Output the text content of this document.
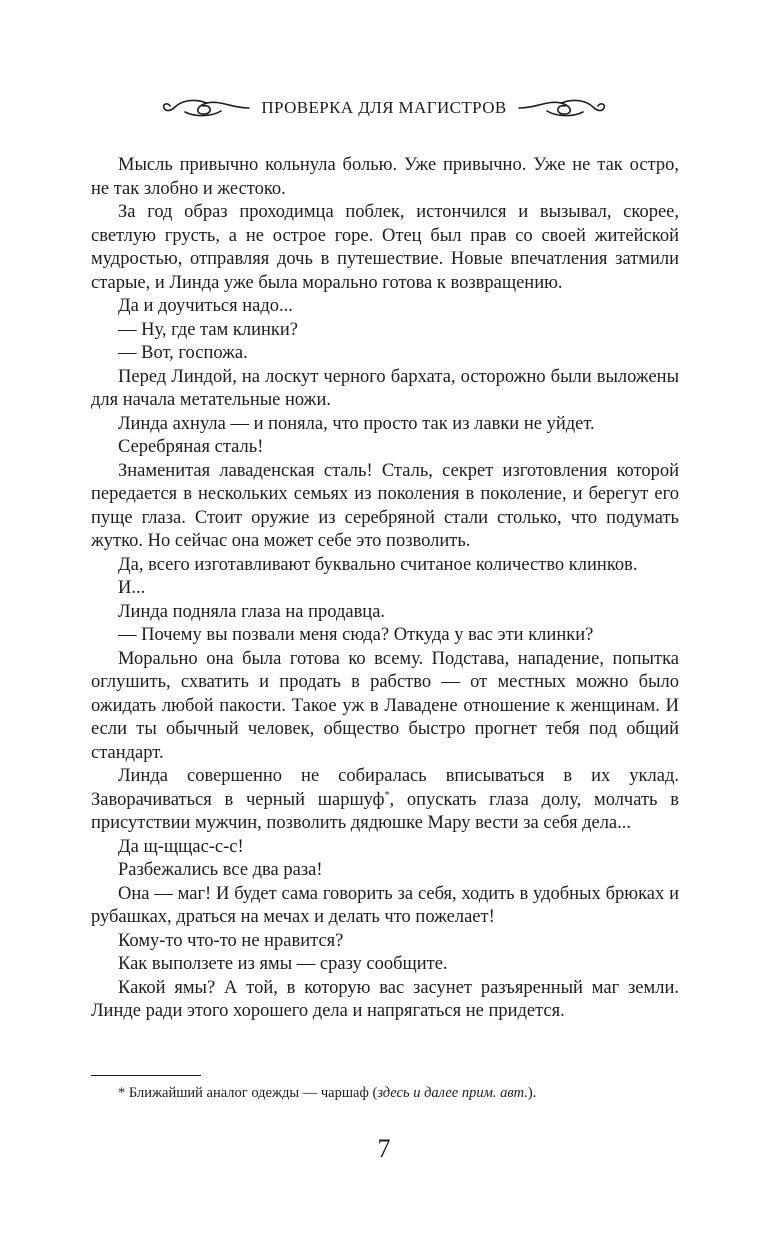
ПРОВЕРКА ДЛЯ МАГИСТРОВ

Мысль привычно кольнула болью. Уже привычно. Уже не так остро, не так злобно и жестоко.

За год образ проходимца поблек, истончился и вызывал, скорее, светлую грусть, а не острое горе. Отец был прав со своей житейской мудростью, отправляя дочь в путешествие. Новые впечатления затмили старые, и Линда уже была морально готова к возвращению.

Да и доучиться надо...

— Ну, где там клинки?

— Вот, госпожа.

Перед Линдой, на лоскут черного бархата, осторожно были выложены для начала метательные ножи.

Линда ахнула — и поняла, что просто так из лавки не уйдет.

Серебряная сталь!

Знаменитая лаваденская сталь! Сталь, секрет изготовления которой передается в нескольких семьях из поколения в поколение, и берегут его пуще глаза. Стоит оружие из серебряной стали столько, что подумать жутко. Но сейчас она может себе это позволить.

Да, всего изготавливают буквально считаное количество клинков.

И...

Линда подняла глаза на продавца.

— Почему вы позвали меня сюда? Откуда у вас эти клинки?

Морально она была готова ко всему. Подстава, нападение, попытка оглушить, схватить и продать в рабство — от местных можно было ожидать любой пакости. Такое уж в Лавадене отношение к женщинам. И если ты обычный человек, общество быстро прогнет тебя под общий стандарт.

Линда совершенно не собиралась вписываться в их уклад. Заворачиваться в черный шаршуф*, опускать глаза долу, молчать в присутствии мужчин, позволить дядюшке Мару вести за себя дела...

Да щ-щщас-с-с!

Разбежались все два раза!

Она — маг! И будет сама говорить за себя, ходить в удобных брюках и рубашках, драться на мечах и делать что пожелает!

Кому-то что-то не нравится?

Как выползете из ямы — сразу сообщите.

Какой ямы? А той, в которую вас засунет разъяренный маг земли. Линде ради этого хорошего дела и напрягаться не придется.

* Ближайший аналог одежды — чаршаф (здесь и далее прим. авт.).
7
